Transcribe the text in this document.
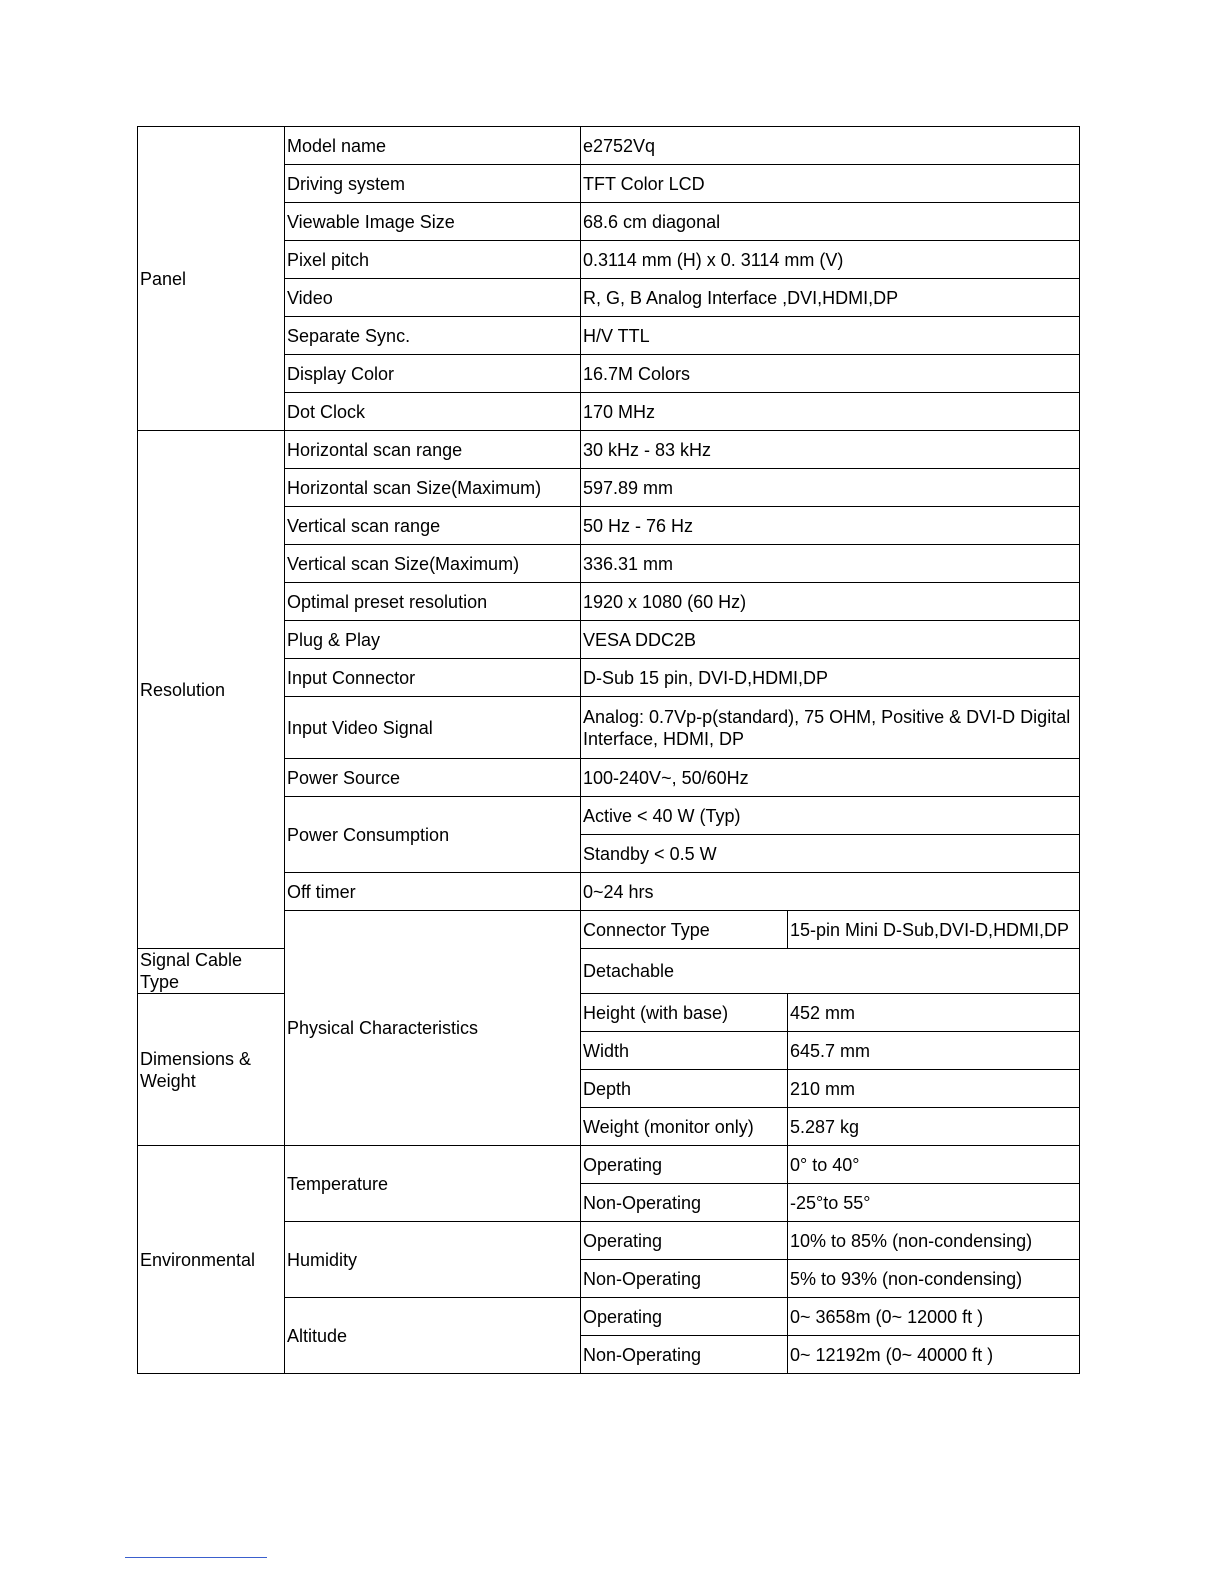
Panel	Model name	e2752Vq	
	Driving system	TFT Color LCD	
	Viewable Image Size	68.6 cm diagonal	
	Pixel pitch	0.3114 mm (H) x 0. 3114 mm (V)	
	Video	R, G, B Analog Interface ,DVI,HDMI,DP	
	Separate Sync.	H/V TTL	
	Display Color	16.7M Colors	
	Dot Clock	170 MHz	
Resolution	Horizontal scan range	30 kHz - 83 kHz	
	Horizontal scan Size(Maximum)	597.89 mm	
	Vertical scan range	50 Hz - 76 Hz	
	Vertical scan Size(Maximum)	336.31 mm	
	Optimal preset resolution	1920 x 1080 (60 Hz)	
	Plug & Play	VESA DDC2B	
	Input Connector	D-Sub 15 pin, DVI-D,HDMI,DP	
	Input Video Signal	Analog: 0.7Vp-p(standard), 75 OHM, Positive & DVI-D Digital Interface, HDMI, DP	
	Power Source	100-240V~, 50/60Hz	
	Power Consumption	Active < 40 W (Typ)	
		Standby < 0.5 W	
	Off timer	0~24 hrs	
	Physical Characteristics	Connector Type	15-pin Mini D-Sub,DVI-D,HDMI,DP
Signal Cable Type		Detachable	
Dimensions & Weight		Height (with base)	452 mm
		Width	645.7 mm
		Depth	210 mm
		Weight (monitor only)	5.287 kg
Environmental	Temperature	Operating	0° to 40°
		Non-Operating	-25°to 55°
	Humidity	Operating	10% to 85% (non-condensing)
		Non-Operating	5% to 93% (non-condensing)
	Altitude	Operating	0~ 3658m (0~ 12000 ft )
		Non-Operating	0~ 12192m (0~ 40000 ft )
